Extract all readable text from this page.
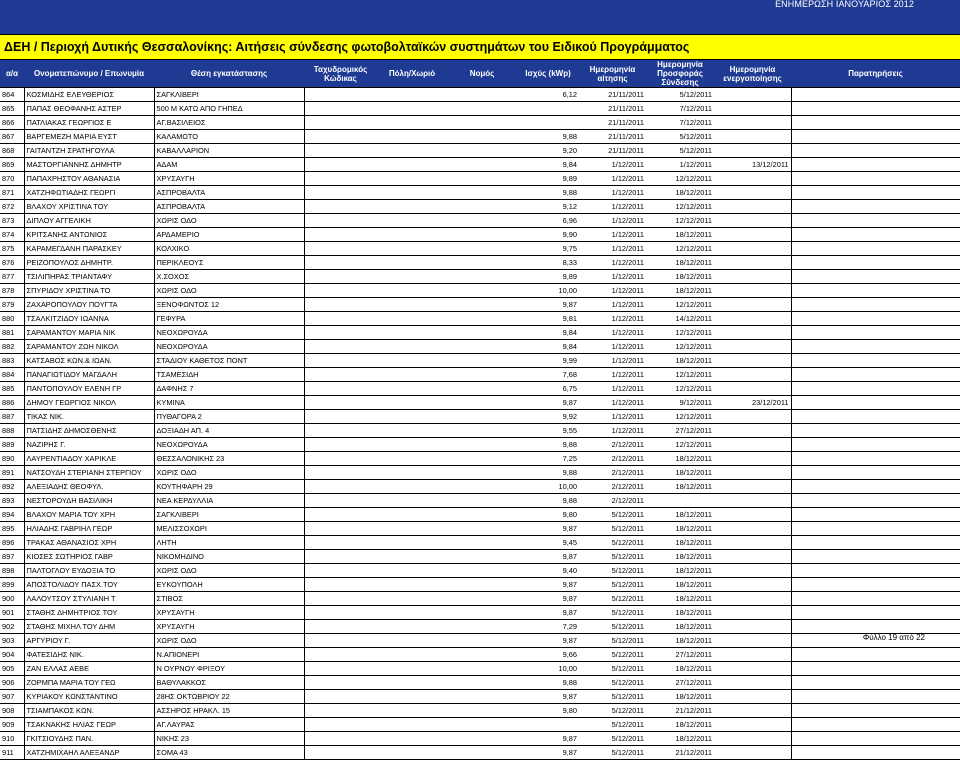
ΕΝΗΜΕΡΩΣΗ ΙΑΝΟΥΑΡΙΟΣ 2012
ΔΕΗ / Περιοχή Δυτικής Θεσσαλονίκης: Αιτήσεις σύνδεσης φωτοβολταϊκών συστημάτων του Ειδικού Προγράμματος
α/α	Ονοματεπώνυμο / Επωνυμία	Θέση εγκατάστασης	Ταχυδρομικός Κώδικας	Πόλη/Χωριό	Νομός	Ισχύς (kWp)	Ημερομηνία αίτησης	Ημερομηνία Προσφοράς Σύνδεσης	Ημερομηνία ενεργοποίησης	Παρατηρήσεις
864	ΚΟΣΜΙΔΗΣ ΕΛΕΥΘΕΡΙΟΣ	ΣΑΓΚΛΙΒΕΡΙ				6,12	21/11/2011	5/12/2011		
865	ΠΑΠΑΣ ΘΕΟΦΑΝΗΣ ΑΣΤΕΡ	500 Μ ΚΑΤΩ ΑΠΟ ΓΗΠΕΔ					21/11/2011	7/12/2011		
866	ΠΑΤΛΙΑΚΑΣ ΓΕΩΡΓΙΟΣ Ε	ΑΓ.ΒΑΣΙΛΕΙΟΣ					21/11/2011	7/12/2011		
867	ΒΑΡΓΕΜΕΖΗ ΜΑΡΙΑ ΕΥΣΤ	ΚΑΛΑΜΩΤΟ				9,88	21/11/2011	5/12/2011		
868	ΓΑΙΤΑΝΤΖΗ ΣΡΑΤΗΓΟΥΛΑ	ΚΑΒΑΛΛΑΡΙΟΝ				9,20	21/11/2011	5/12/2011		
869	ΜΑΣΤΟΡΓΙΑΝΝΗΣ ΔΗΜΗΤΡ	ΑΔΑΜ				9,84	1/12/2011	1/12/2011	13/12/2011	
870	ΠΑΠΑΧΡΗΣΤΟΥ ΑΘΑΝΑΣΙΑ	ΧΡΥΣΑΥΓΗ				9,89	1/12/2011	12/12/2011		
871	ΧΑΤΖΗΦΩΤΙΑΔΗΣ ΓΕΩΡΓΙ	ΑΣΠΡΟΒΑΛΤΑ				9,88	1/12/2011	18/12/2011		
872	ΒΛΑΧΟΥ ΧΡΙΣΤΙΝΑ ΤΟΥ	ΑΣΠΡΟΒΑΛΤΑ				9,12	1/12/2011	12/12/2011		
873	ΔΙΠΛΟΥ ΑΓΓΕΛΙΚΗ	ΧΩΡΙΣ ΟΔΟ				6,96	1/12/2011	12/12/2011		
874	ΚΡΙΤΣΑΝΗΣ ΑΝΤΩΝΙΟΣ	ΑΡΔΑΜΕΡΙΟ				9,90	1/12/2011	18/12/2011		
875	ΚΑΡΑΜΕΓΔΑΝΗ ΠΑΡΑΣΚΕΥ	ΚΟΛΧΙΚΟ				9,75	1/12/2011	12/12/2011		
876	ΡΕΙΖΟΠΟΥΛΟΣ ΔΗΜΗΤΡ.	ΠΕΡΙΚΛΕΟΥΣ				8,33	1/12/2011	18/12/2011		
877	ΤΣΙΛΙΠΗΡΑΣ ΤΡΙΑΝΤΑΦΥ	Χ.ΣΟΧΟΣ				9,89	1/12/2011	18/12/2011		
878	ΣΠΥΡΙΔΟΥ ΧΡΙΣΤΙΝΑ ΤΟ	ΧΩΡΙΣ ΟΔΟ				10,00	1/12/2011	18/12/2011		
879	ΖΑΧΑΡΟΠΟΥΛΟΥ ΠΟΥΓΤΑ	ΞΕΝΟΦΩΝΤΟΣ 12				9,87	1/12/2011	12/12/2011		
880	ΤΣΑΛΚΙΤΖΙΔΟΥ ΙΩΑΝΝΑ	ΓΕΦΥΡΑ				9,81	1/12/2011	14/12/2011		
881	ΣΑΡΑΜΑΝΤΟΥ ΜΑΡΙΑ ΝΙΚ	ΝΕΟΧΩΡΟΥΔΑ				9,84	1/12/2011	12/12/2011		
882	ΣΑΡΑΜΑΝΤΟΥ ΖΩΗ ΝΙΚΟΛ	ΝΕΟΧΩΡΟΥΔΑ				9,84	1/12/2011	12/12/2011		
883	ΚΑΤΣΑΒΟΣ ΚΩΝ.& ΙΩΑΝ.	ΣΤΑΔΙΟΥ ΚΑΘΕΤΟΣ ΠΟΝΤ				9,99	1/12/2011	18/12/2011		
884	ΠΑΝΑΓΙΩΤΙΔΟΥ ΜΑΓΔΑΛΗ	ΤΣΑΜΕΣΙΔΗ				7,68	1/12/2011	12/12/2011		
885	ΠΑΝΤΟΠΟΥΛΟΥ ΕΛΕΝΗ ΓΡ	ΔΑΦΝΗΣ 7				6,75	1/12/2011	12/12/2011		
886	ΔΗΜΟΥ ΓΕΩΡΓΙΟΣ ΝΙΚΟΛ	ΚΥΜΙΝΑ				9,87	1/12/2011	9/12/2011	23/12/2011	
887	ΤΙΚΑΣ ΝΙΚ.	ΠΥΘΑΓΟΡΑ 2				9,92	1/12/2011	12/12/2011		
888	ΠΑΤΣΙΔΗΣ ΔΗΜΟΣΘΕΝΗΣ	ΔΟΞΙΑΔΗ ΑΠ. 4				9,55	1/12/2011	27/12/2011		
889	ΝΑΖΙΡΗΣ Γ.	ΝΕΟΧΩΡΟΥΔΑ				9,88	2/12/2011	12/12/2011		
890	ΛΑΥΡΕΝΤΙΑΔΟΥ ΧΑΡΙΚΛΕ	ΘΕΣΣΑΛΟΝΙΚΗΣ 23				7,25	2/12/2011	18/12/2011		
891	ΝΑΤΣΟΥΔΗ ΣΤΕΡΙΑΝΗ ΣΤΕΡΓΙΟΥ	ΧΩΡΙΣ ΟΔΟ				9,88	2/12/2011	18/12/2011		
892	ΑΛΕΞΙΑΔΗΣ ΘΕΟΦΥΛ.	ΚΟΥΤΗΦΑΡΗ 29				10,00	2/12/2011	18/12/2011		
893	ΝΕΣΤΟΡΟΥΔΗ ΒΑΣΙΛΙΚΗ	ΝΕΑ ΚΕΡΔΥΛΛΙΑ				9,88	2/12/2011			
894	ΒΛΑΧΟΥ ΜΑΡΙΑ ΤΟΥ ΧΡΗ	ΣΑΓΚΛΙΒΕΡΙ				9,80	5/12/2011	18/12/2011		
895	ΗΛΙΑΔΗΣ ΓΑΒΡΙΗΛ ΓΕΩΡ	ΜΕΛΙΣΣΟΧΩΡΙ				9,87	5/12/2011	18/12/2011		
896	ΤΡΑΚΑΣ ΑΘΑΝΑΣΙΟΣ ΧΡΗ	ΛΗΤΗ				9,45	5/12/2011	18/12/2011		
897	ΚΙΟΣΕΣ ΣΩΤΗΡΙΟΣ ΓΑΒΡ	ΝΙΚΟΜΗΔΙΝΟ				9,87	5/12/2011	18/12/2011		
898	ΠΑΛΤΟΓΛΟΥ ΕΥΔΟΞΙΑ ΤΟ	ΧΩΡΙΣ ΟΔΟ				9,40	5/12/2011	18/12/2011		
899	ΑΠΟΣΤΟΛΙΔΟΥ ΠΑΣΧ.ΤΟΥ	ΕΥΚΟΥΠΟΛΗ				9,87	5/12/2011	18/12/2011		
900	ΛΑΛΟΥΤΣΟΥ ΣΤΥΛΙΑΝΗ Τ	ΣΤΙΒΟΣ				9,87	5/12/2011	18/12/2011		
901	ΣΤΑΘΗΣ ΔΗΜΗΤΡΙΟΣ ΤΟΥ	ΧΡΥΣΑΥΓΗ				9,87	5/12/2011	18/12/2011		
902	ΣΤΑΘΗΣ ΜΙΧΗΛ ΤΟΥ ΔΗΜ	ΧΡΥΣΑΥΓΗ				7,29	5/12/2011	18/12/2011		
903	ΑΡΓΥΡΙΟΥ Γ.	ΧΩΡΙΣ ΟΔΟ				9,87	5/12/2011	18/12/2011		
904	ΦΑΤΕΣΙΔΗΣ ΝΙΚ.	Ν.ΑΠΙΟΝΕΡΙ				9,66	5/12/2011	27/12/2011		
905	ΖΑΝ ΕΛΛΑΣ ΑΕΒΕ	Ν ΟΥΡΝΟΥ ΦΡΙΞΟΥ				10,00	5/12/2011	18/12/2011		
906	ΖΟΡΜΠΑ ΜΑΡΙΑ ΤΟΥ ΓΕΩ	ΒΑΘΥΛΑΚΚΟΣ				9,88	5/12/2011	27/12/2011		
907	ΚΥΡΙΑΚΟΥ ΚΩΝΣΤΑΝΤΙΝΟ	28ΗΣ ΟΚΤΩΒΡΙΟΥ 22				9,87	5/12/2011	18/12/2011		
908	ΤΣΙΑΜΠΑΚΟΣ ΚΩΝ.	ΑΣΣΗΡΟΣ ΗΡΑΚΛ. 15				9,80	5/12/2011	21/12/2011		
909	ΤΣΑΚΝΑΚΗΣ ΗΛΙΑΣ ΓΕΩΡ	ΑΓ.ΛΑΥΡΑΣ					5/12/2011	18/12/2011		
910	ΓΚΙΤΣΙΟΥΔΗΣ ΠΑΝ.	ΝΙΚΗΣ 23				9,87	5/12/2011	18/12/2011		
911	ΧΑΤΖΗΜΙΧΑΗΛ ΑΛΕΞΑΝΔΡ	ΣΟΜΑ 43				9,87	5/12/2011	21/12/2011		
Φύλλο 19 από 22
